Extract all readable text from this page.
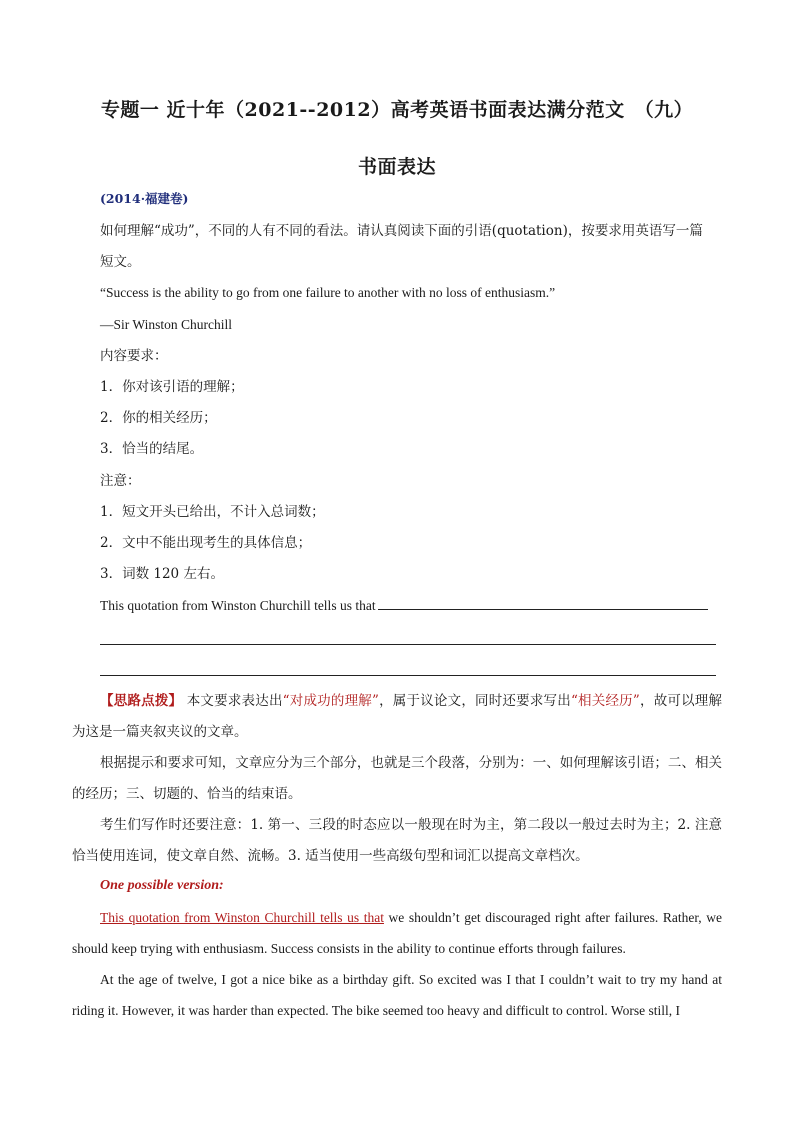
专题一 近十年（2021--2012）高考英语书面表达满分范文　（九）
书面表达
(2014·福建卷)
如何理解“成功”，不同的人有不同的看法。请认真阅读下面的引语(quotation)，按要求用英语写一篇
短文。
“Success is the ability to go from one failure to another with no loss of enthusiasm.”
—Sir Winston Churchill
内容要求：
1．你对该引语的理解；
2．你的相关经历；
3．恰当的结尾。
注意：
1．短文开头已给出，不计入总词数；
2．文中不能出现考生的具体信息；
3．词数 120 左右。
This quotation from Winston Churchill tells us that
【思路点拨】 本文要求表达出“对成功的理解”，属于议论文，同时还要求写出“相关经历”，故可以理解为这是一篇夹叙夹议的文章。
根据提示和要求可知，文章应分为三个部分，也就是三个段落，分别为：一、如何理解该引语；二、相关的经历；三、切题的、恰当的结束语。
考生们写作时还要注意：1. 第一、三段的时态应以一般现在时为主，第二段以一般过去时为主；2. 注意恰当使用连词，使文章自然、流畅。3. 适当使用一些高级句型和词汇以提高文章档次。
One possible version:
This quotation from Winston Churchill tells us that we shouldn’t get discouraged right after failures. Rather, we should keep trying with enthusiasm. Success consists in the ability to continue efforts through failures.
At the age of twelve, I got a nice bike as a birthday gift. So excited was I that I couldn’t wait to try my hand at riding it. However, it was harder than expected. The bike seemed too heavy and difficult to control. Worse still, I
